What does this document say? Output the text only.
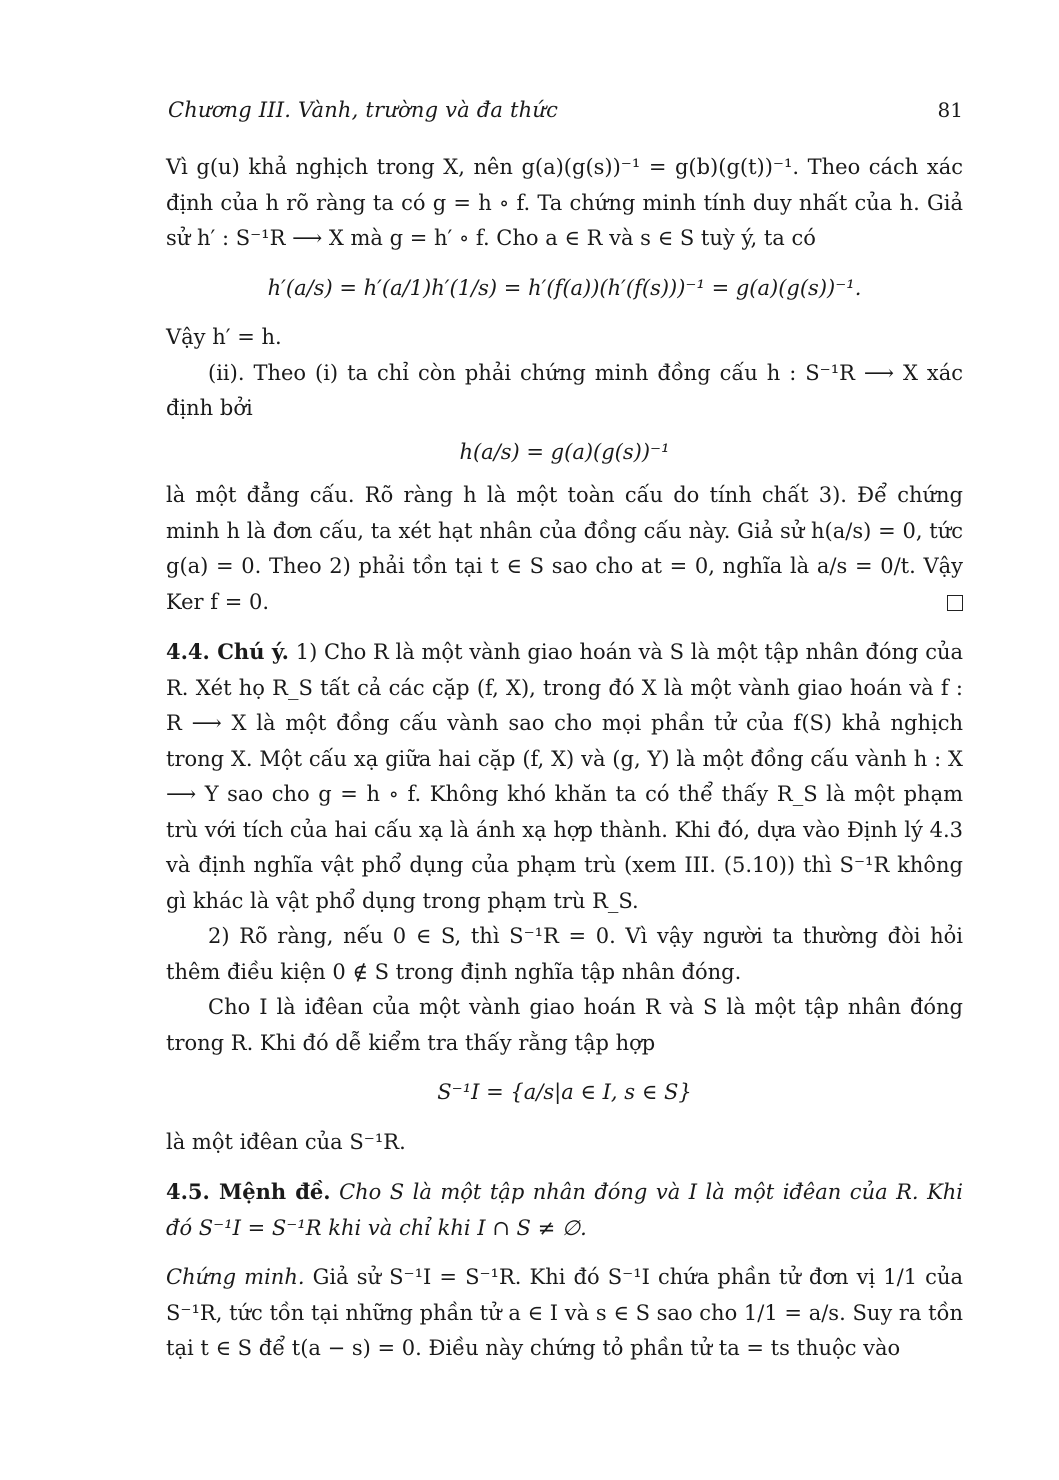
Chương III. Vành, trường và đa thức	81

Vì g(u) khả nghịch trong X, nên g(a)(g(s))⁻¹ = g(b)(g(t))⁻¹. Theo cách xác định của h rõ ràng ta có g = h ∘ f. Ta chứng minh tính duy nhất của h. Giả sử h′ : S⁻¹R ⟶ X mà g = h′ ∘ f. Cho a ∈ R và s ∈ S tuỳ ý, ta có

h′(a/s) = h′(a/1)h′(1/s) = h′(f(a))(h′(f(s)))⁻¹ = g(a)(g(s))⁻¹.

Vậy h′ = h.

(ii). Theo (i) ta chỉ còn phải chứng minh đồng cấu h : S⁻¹R ⟶ X xác định bởi

h(a/s) = g(a)(g(s))⁻¹

là một đẳng cấu. Rõ ràng h là một toàn cấu do tính chất 3). Để chứng minh h là đơn cấu, ta xét hạt nhân của đồng cấu này. Giả sử h(a/s) = 0, tức g(a) = 0. Theo 2) phải tồn tại t ∈ S sao cho at = 0, nghĩa là a/s = 0/t. Vậy Ker f = 0.

4.4. Chú ý. 1) Cho R là một vành giao hoán và S là một tập nhân đóng của R. Xét họ R_S tất cả các cặp (f, X), trong đó X là một vành giao hoán và f : R ⟶ X là một đồng cấu vành sao cho mọi phần tử của f(S) khả nghịch trong X. Một cấu xạ giữa hai cặp (f, X) và (g, Y) là một đồng cấu vành h : X ⟶ Y sao cho g = h ∘ f. Không khó khăn ta có thể thấy R_S là một phạm trù với tích của hai cấu xạ là ánh xạ hợp thành. Khi đó, dựa vào Định lý 4.3 và định nghĩa vật phổ dụng của phạm trù (xem III. (5.10)) thì S⁻¹R không gì khác là vật phổ dụng trong phạm trù R_S.

2) Rõ ràng, nếu 0 ∈ S, thì S⁻¹R = 0. Vì vậy người ta thường đòi hỏi thêm điều kiện 0 ∉ S trong định nghĩa tập nhân đóng.

Cho I là iđêan của một vành giao hoán R và S là một tập nhân đóng trong R. Khi đó dễ kiểm tra thấy rằng tập hợp

S⁻¹I = {a/s|a ∈ I, s ∈ S}

là một iđêan của S⁻¹R.

4.5. Mệnh đề. Cho S là một tập nhân đóng và I là một iđêan của R. Khi đó S⁻¹I = S⁻¹R khi và chỉ khi I ∩ S ≠ ∅.

Chứng minh. Giả sử S⁻¹I = S⁻¹R. Khi đó S⁻¹I chứa phần tử đơn vị 1/1 của S⁻¹R, tức tồn tại những phần tử a ∈ I và s ∈ S sao cho 1/1 = a/s. Suy ra tồn tại t ∈ S để t(a − s) = 0. Điều này chứng tỏ phần tử ta = ts thuộc vào
